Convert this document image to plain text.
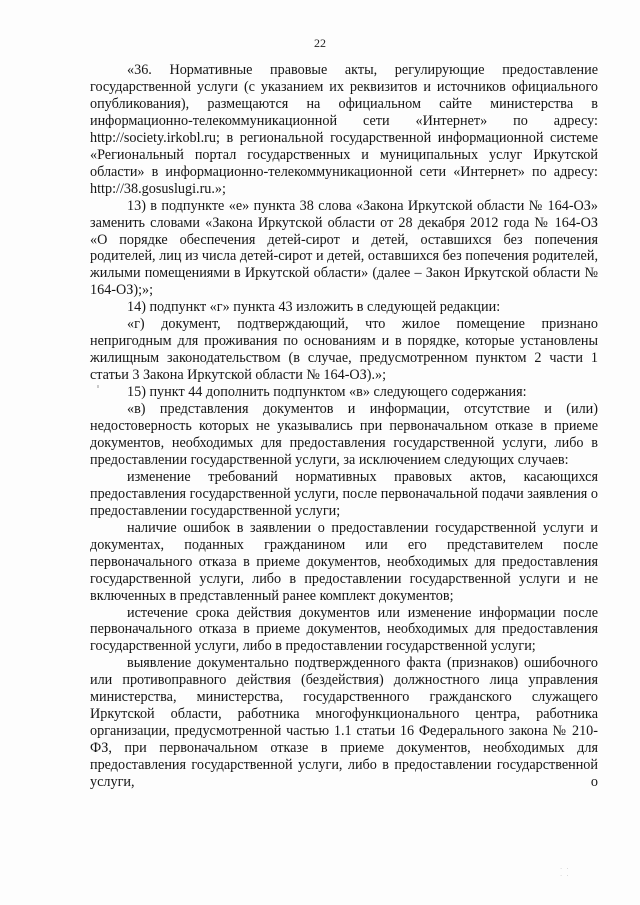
22

«36. Нормативные правовые акты, регулирующие предоставление государственной услуги (с указанием их реквизитов и источников официального опубликования), размещаются на официальном сайте министерства в информационно-телекоммуникационной сети «Интернет» по адресу: http://society.irkobl.ru; в региональной государственной информационной системе «Региональный портал государственных и муниципальных услуг Иркутской области» в информационно-телекоммуникационной сети «Интернет» по адресу: http://38.gosuslugi.ru.»;

13) в подпункте «е» пункта 38 слова «Закона Иркутской области № 164-ОЗ» заменить словами «Закона Иркутской области от 28 декабря 2012 года № 164-ОЗ «О порядке обеспечения детей-сирот и детей, оставшихся без попечения родителей, лиц из числа детей-сирот и детей, оставшихся без попечения родителей, жилыми помещениями в Иркутской области» (далее – Закон Иркутской области № 164-ОЗ);»;

14) подпункт «г» пункта 43 изложить в следующей редакции:

«г) документ, подтверждающий, что жилое помещение признано непригодным для проживания по основаниям и в порядке, которые установлены жилищным законодательством (в случае, предусмотренном пунктом 2 части 1 статьи 3 Закона Иркутской области № 164-ОЗ).»;

15) пункт 44 дополнить подпунктом «в» следующего содержания:

«в) представления документов и информации, отсутствие и (или) недостоверность которых не указывались при первоначальном отказе в приеме документов, необходимых для предоставления государственной услуги, либо в предоставлении государственной услуги, за исключением следующих случаев:

изменение требований нормативных правовых актов, касающихся предоставления государственной услуги, после первоначальной подачи заявления о предоставлении государственной услуги;

наличие ошибок в заявлении о предоставлении государственной услуги и документах, поданных гражданином или его представителем после первоначального отказа в приеме документов, необходимых для предоставления государственной услуги, либо в предоставлении государственной услуги и не включенных в представленный ранее комплект документов;

истечение срока действия документов или изменение информации после первоначального отказа в приеме документов, необходимых для предоставления государственной услуги, либо в предоставлении государственной услуги;

выявление документально подтвержденного факта (признаков) ошибочного или противоправного действия (бездействия) должностного лица управления министерства, министерства, государственного гражданского служащего Иркутской области, работника многофункционального центра, работника организации, предусмотренной частью 1.1 статьи 16 Федерального закона № 210-ФЗ, при первоначальном отказе в приеме документов, необходимых для предоставления государственной услуги, либо в предоставлении государственной услуги, о

· ·
· ·
